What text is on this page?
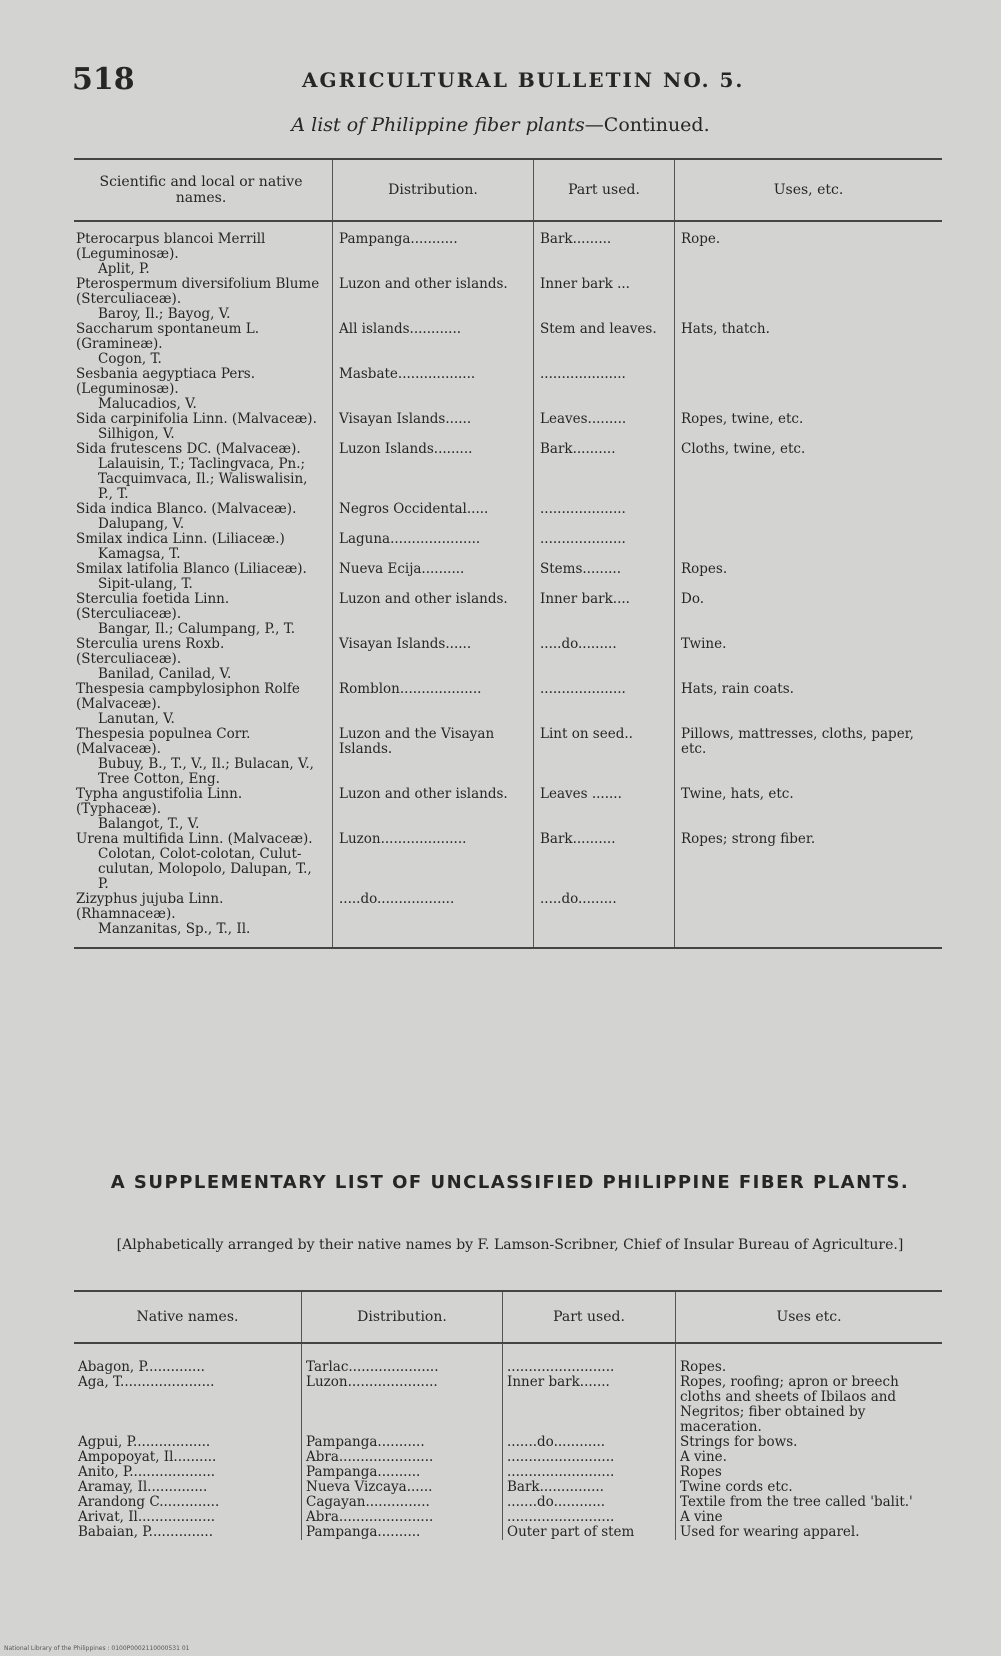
518	AGRICULTURAL BULLETIN NO. 5.
A list of Philippine fiber plants—Continued.
Scientific and local or native names.	Distribution.	Part used.	Uses, etc.

Pterocarpus blancoi Merrill (Leguminosæ).
Aplit, P.	Pampanga...........	Bark.........	Rope.

Pterospermum diversifolium Blume (Sterculiaceæ).
Baroy, Il.; Bayog, V.	Luzon and other islands.	Inner bark ...	

Saccharum spontaneum L. (Gramineæ).
Cogon, T.	All islands............	Stem and leaves.	Hats, thatch.

Sesbania aegyptiaca Pers. (Leguminosæ).
Malucadios, V.	Masbate..................	....................	

Sida carpinifolia Linn. (Malvaceæ).
Silhigon, V.	Visayan Islands......	Leaves.........	Ropes, twine, etc.

Sida frutescens DC. (Malvaceæ).
Lalauisin, T.; Taclingvaca, Pn.; Tacquimvaca, Il.; Waliswalisin, P., T.	Luzon Islands.........	Bark..........	Cloths, twine, etc.

Sida indica Blanco. (Malvaceæ).
Dalupang, V.	Negros Occidental.....	....................	

Smilax indica Linn. (Liliaceæ.)
Kamagsa, T.	Laguna.....................	....................	

Smilax latifolia Blanco (Liliaceæ).
Sipit-ulang, T.	Nueva Ecija..........	Stems.........	Ropes.

Sterculia foetida Linn. (Sterculiaceæ).
Bangar, Il.; Calumpang, P., T.	Luzon and other islands.	Inner bark....	Do.

Sterculia urens Roxb. (Sterculiaceæ).
Banilad, Canilad, V.	Visayan Islands......	.....do.........	Twine.

Thespesia campbylosiphon Rolfe (Malvaceæ).
Lanutan, V.	Romblon...................	....................	Hats, rain coats.

Thespesia populnea Corr. (Malvaceæ).
Bubuy, B., T., V., Il.; Bulacan, V., Tree Cotton, Eng.	Luzon and the Visayan Islands.	Lint on seed..	Pillows, mattresses, cloths, paper, etc.

Typha angustifolia Linn. (Typhaceæ).
Balangot, T., V.	Luzon and other islands.	Leaves .......	Twine, hats, etc.

Urena multifida Linn. (Malvaceæ).
Colotan, Colot-colotan, Culut-culutan, Molopolo, Dalupan, T., P.	Luzon....................	Bark..........	Ropes; strong fiber.

Zizyphus jujuba Linn. (Rhamnaceæ).
Manzanitas, Sp., T., Il.	.....do..................	.....do.........	
A SUPPLEMENTARY LIST OF UNCLASSIFIED PHILIPPINE FIBER PLANTS.
[Alphabetically arranged by their native names by F. Lamson-Scribner, Chief of Insular Bureau of Agriculture.]
Native names.	Distribution.	Part used.	Uses etc.
Abagon, P..............	Tarlac.....................	.........................	Ropes.
Aga, T......................	Luzon.....................	Inner bark.......	Ropes, roofing; apron or breech cloths and sheets of Ibilaos and Negritos; fiber obtained by maceration.
Agpui, P..................	Pampanga...........	.......do............	Strings for bows.
Ampopoyat, Il..........	Abra......................	.........................	A vine.
Anito, P....................	Pampanga..........	.........................	Ropes
Aramay, Il..............	Nueva Vizcaya......	Bark...............	Twine cords etc.
Arandong C..............	Cagayan...............	.......do............	Textile from the tree called 'balit.'
Arivat, Il..................	Abra......................	.........................	A vine
Babaian, P...............	Pampanga..........	Outer part of stem	Used for wearing apparel.
National Library of the Philippines : 0100P0002110000531 01
